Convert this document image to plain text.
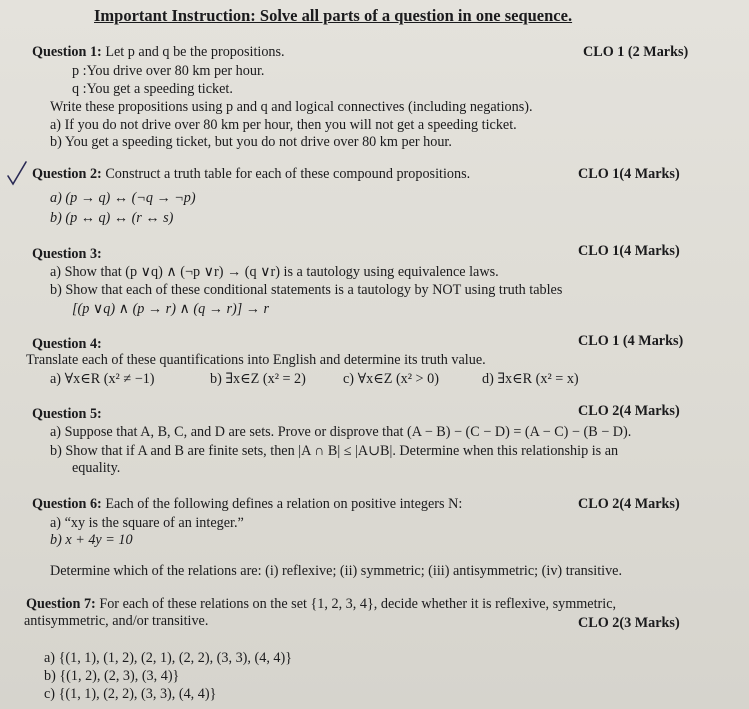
Important Instruction: Solve all parts of a question in one sequence.
Question 1: Let p and q be the propositions.	CLO 1 (2 Marks)
p :You drive over 80 km per hour.
q :You get a speeding ticket.
Write these propositions using p and q and logical connectives (including negations).
a) If you do not drive over 80 km per hour, then you will not get a speeding ticket.
b) You get a speeding ticket, but you do not drive over 80 km per hour.
Question 2: Construct a truth table for each of these compound propositions.	CLO 1(4 Marks)
a) (p → q) ↔ (¬q → ¬p)
b) (p ↔ q) ↔ (r ↔ s)
Question 3:	CLO 1(4 Marks)
a) Show that (p ∨q) ∧ (¬p ∨r) → (q ∨r) is a tautology using equivalence laws.
b) Show that each of these conditional statements is a tautology by NOT using truth tables
[(p ∨q) ∧ (p → r) ∧ (q → r)] → r
Question 4:	CLO 1 (4 Marks)
Translate each of these quantifications into English and determine its truth value.
a) ∀x∈R (x² ≠ −1)	b) ∃x∈Z (x² = 2)	c) ∀x∈Z (x² > 0)	d) ∃x∈R (x² = x)
Question 5:	CLO 2(4 Marks)
a) Suppose that A, B, C, and D are sets. Prove or disprove that (A − B) − (C − D) = (A − C) − (B − D).
b) Show that if A and B are finite sets, then |A ∩ B| ≤ |A∪B|. Determine when this relationship is an
equality.
Question 6: Each of the following defines a relation on positive integers N:	CLO 2(4 Marks)
a) “xy is the square of an integer.”
b) x + 4y = 10
Determine which of the relations are: (i) reflexive; (ii) symmetric; (iii) antisymmetric; (iv) transitive.
Question 7: For each of these relations on the set {1, 2, 3, 4}, decide whether it is reflexive, symmetric,
antisymmetric, and/or transitive.	CLO 2(3 Marks)
a) {(1, 1), (1, 2), (2, 1), (2, 2), (3, 3), (4, 4)}
b) {(1, 2), (2, 3), (3, 4)}
c) {(1, 1), (2, 2), (3, 3), (4, 4)}
